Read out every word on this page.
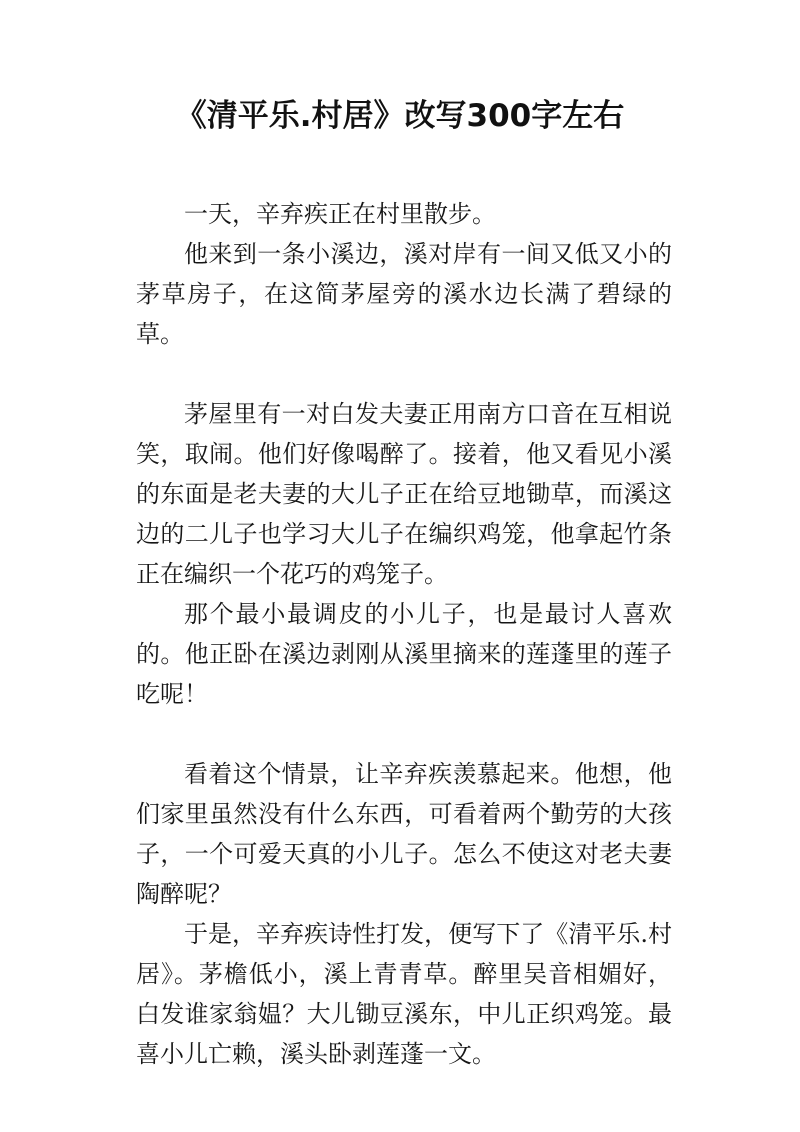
《清平乐.村居》改写300字左右

一天，辛弃疾正在村里散步。

他来到一条小溪边，溪对岸有一间又低又小的茅草房子，在这简茅屋旁的溪水边长满了碧绿的草。

茅屋里有一对白发夫妻正用南方口音在互相说笑，取闹。他们好像喝醉了。接着，他又看见小溪的东面是老夫妻的大儿子正在给豆地锄草，而溪这边的二儿子也学习大儿子在编织鸡笼，他拿起竹条正在编织一个花巧的鸡笼子。

那个最小最调皮的小儿子，也是最讨人喜欢的。他正卧在溪边剥刚从溪里摘来的莲蓬里的莲子吃呢！

看着这个情景，让辛弃疾羡慕起来。他想，他们家里虽然没有什么东西，可看着两个勤劳的大孩子，一个可爱天真的小儿子。怎么不使这对老夫妻陶醉呢？

于是，辛弃疾诗性打发，便写下了《清平乐.村居》。茅檐低小，溪上青青草。醉里吴音相媚好，白发谁家翁媪？大儿锄豆溪东，中儿正织鸡笼。最喜小儿亡赖，溪头卧剥莲蓬一文。
